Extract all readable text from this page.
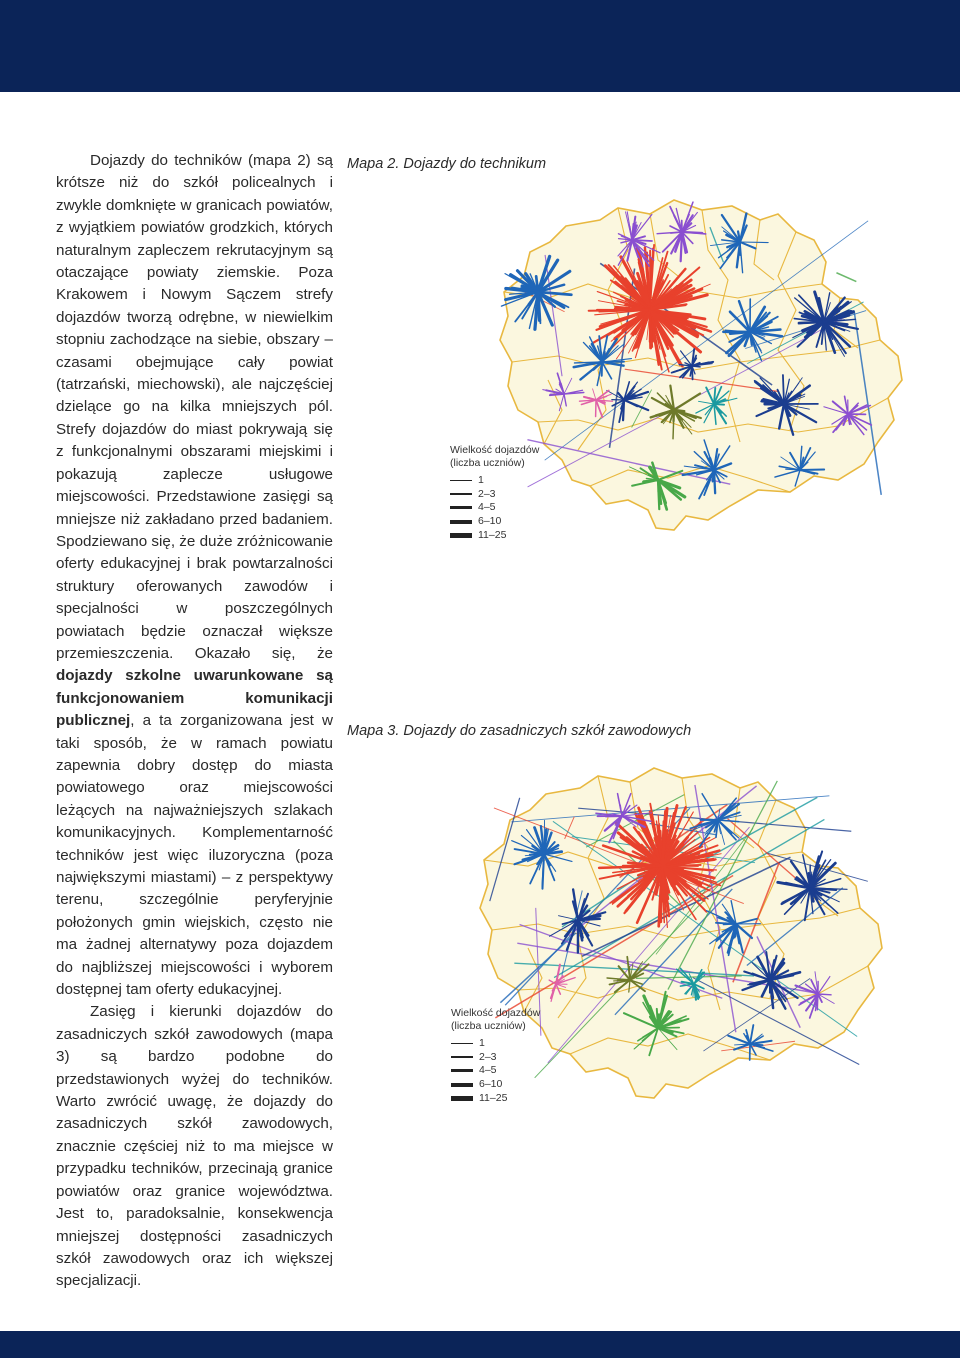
Dojazdy do techników (mapa 2) są krótsze niż do szkół policealnych i zwykle domknięte w granicach powiatów, z wyjątkiem powiatów grodzkich, których naturalnym zapleczem rekrutacyjnym są otaczające powiaty ziemskie. Poza Krakowem i Nowym Sączem strefy dojazdów tworzą odrębne, w niewielkim stopniu zachodzące na siebie, obszary – czasami obejmujące cały powiat (tatrzański, miechowski), ale najczęściej dzielące go na kilka mniejszych pól. Strefy dojazdów do miast pokrywają się z funkcjonalnymi obszarami miejskimi i pokazują zaplecze usługowe miejscowości. Przedstawione zasięgi są mniejsze niż zakładano przed badaniem. Spodziewano się, że duże zróżnicowanie oferty edukacyjnej i brak powtarzalności struktury oferowanych zawodów i specjalności w poszczególnych powiatach będzie oznaczał większe przemieszczenia. Okazało się, że dojazdy szkolne uwarunkowane są funkcjonowaniem komunikacji publicznej, a ta zorganizowana jest w taki sposób, że w ramach powiatu zapewnia dobry dostęp do miasta powiatowego oraz miejscowości leżących na najważniejszych szlakach komunikacyjnych. Komplementarność techników jest więc iluzoryczna (poza największymi miastami) – z perspektywy terenu, szczególnie peryferyjnie położonych gmin wiejskich, często nie ma żadnej alternatywy poza dojazdem do najbliższej miejscowości i wyborem dostępnej tam oferty edukacyjnej.

Zasięg i kierunki dojazdów do zasadniczych szkół zawodowych (mapa 3) są bardzo podobne do przedstawionych wyżej do techników. Warto zwrócić uwagę, że dojazdy do zasadniczych szkół zawodowych, znacznie częściej niż to ma miejsce w przypadku techników, przecinają granice powiatów oraz granice województwa. Jest to, paradoksalnie, konsekwencja mniejszej dostępności zasadniczych szkół zawodowych oraz ich większej specjalizacji.

Mapa 2. Dojazdy do technikum
Wielkość dojazdów
(liczba uczniów)
1
2–3
4–5
6–10
11–25
Mapa 3. Dojazdy do zasadniczych szkół zawodowych
Wielkość dojazdów
(liczba uczniów)
1
2–3
4–5
6–10
11–25
